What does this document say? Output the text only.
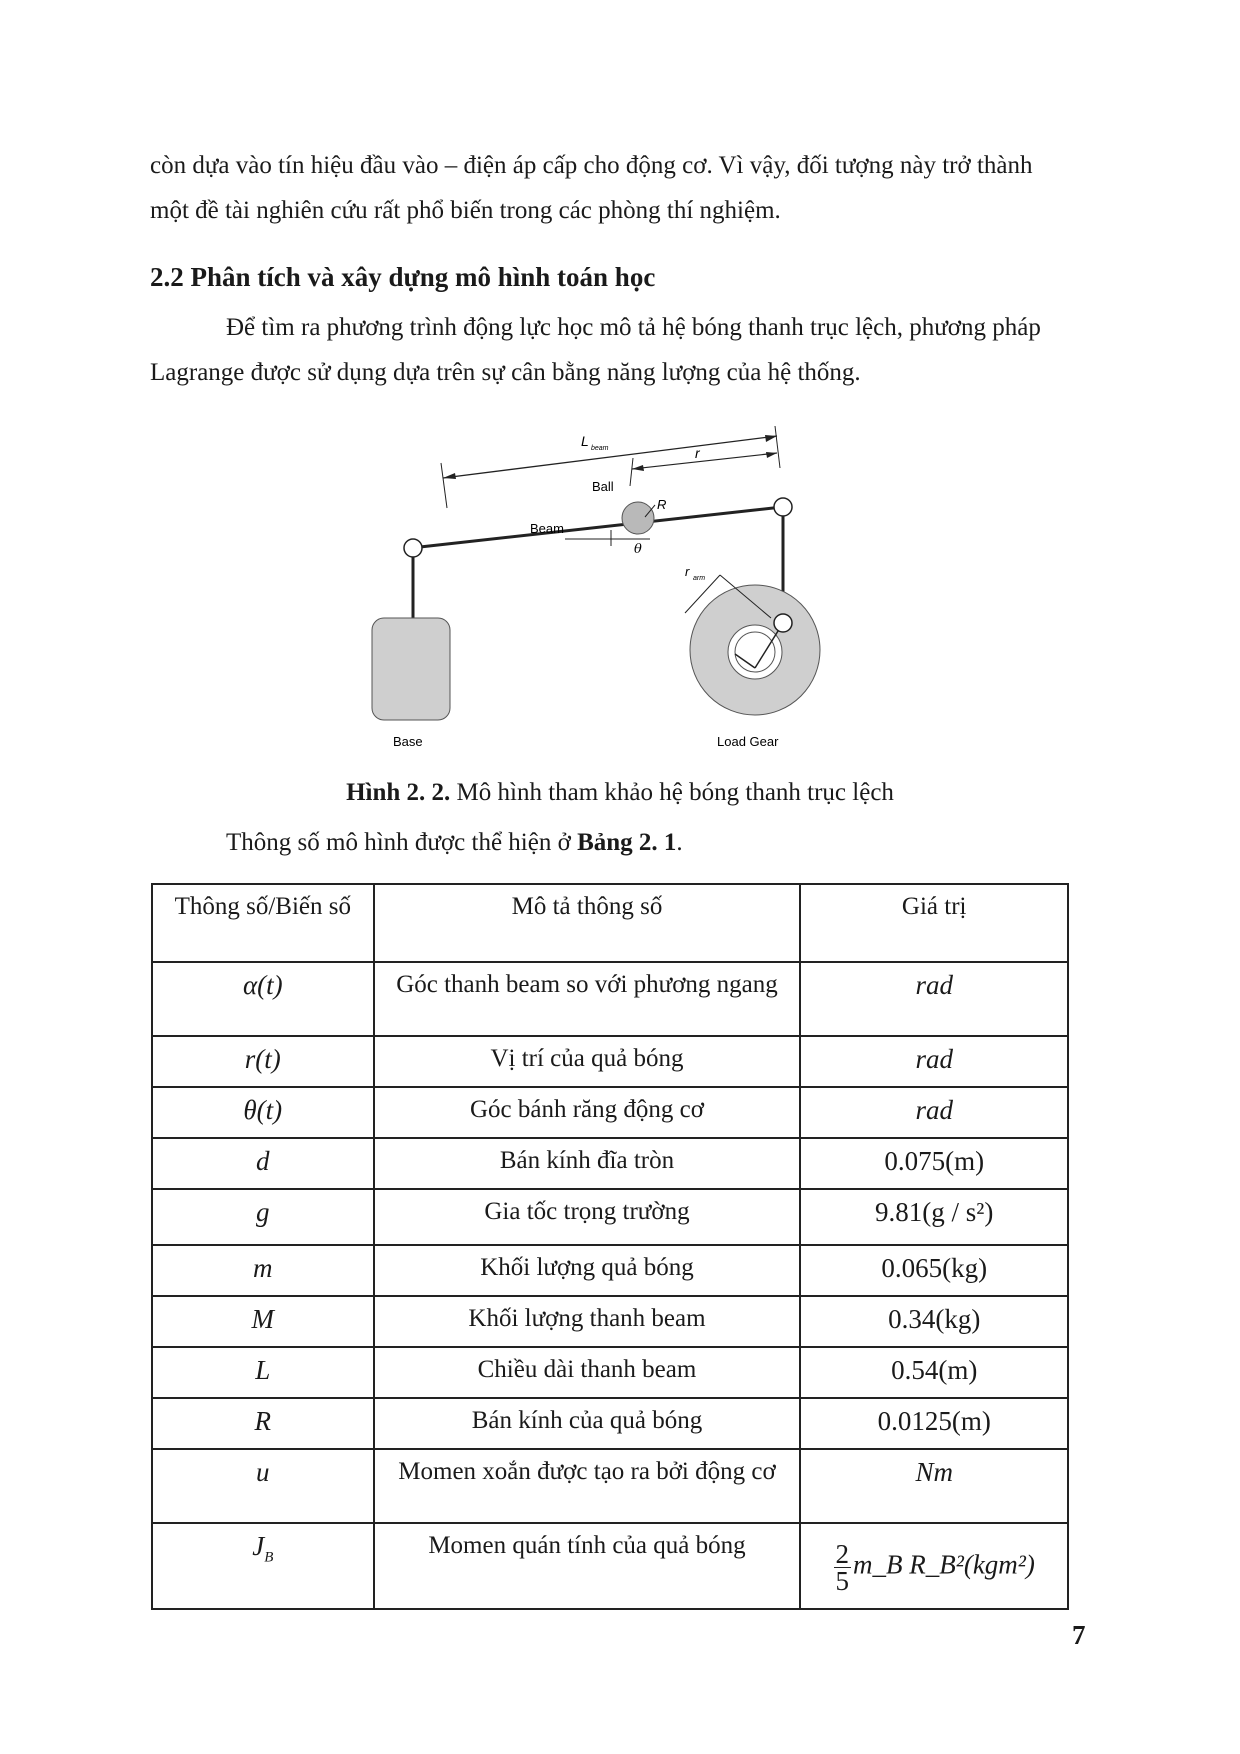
còn dựa vào tín hiệu đầu vào – điện áp cấp cho động cơ. Vì vậy, đối tượng này trở thành
một đề tài nghiên cứu rất phổ biến trong các phòng thí nghiệm.

2.2 Phân tích và xây dựng mô hình toán học

Để tìm ra phương trình động lực học mô tả hệ bóng thanh trục lệch, phương pháp
Lagrange được sử dụng dựa trên sự cân bằng năng lượng của hệ thống.

L beam	r
Ball
Beam
R
θ
Base
r arm
Load Gear
Hình 2. 2. Mô hình tham khảo hệ bóng thanh trục lệch
Thông số mô hình được thể hiện ở Bảng 2. 1.
Thông số/Biến số	Mô tả thông số	Giá trị
α(t)	Góc thanh beam so với phương ngang	rad
r(t)	Vị trí của quả bóng	rad
θ(t)	Góc bánh răng động cơ	rad
d	Bán kính đĩa tròn	0.075(m)
g	Gia tốc trọng trường	9.81(g / s²)
m	Khối lượng quả bóng	0.065(kg)
M	Khối lượng thanh beam	0.34(kg)
L	Chiều dài thanh beam	0.54(m)
R	Bán kính của quả bóng	0.0125(m)
u	Momen xoắn được tạo ra bởi động cơ	Nm
$J_B$	Momen quán tính của quả bóng	$\frac{2}{5}$ m_B R_B²(kgm²)
7
